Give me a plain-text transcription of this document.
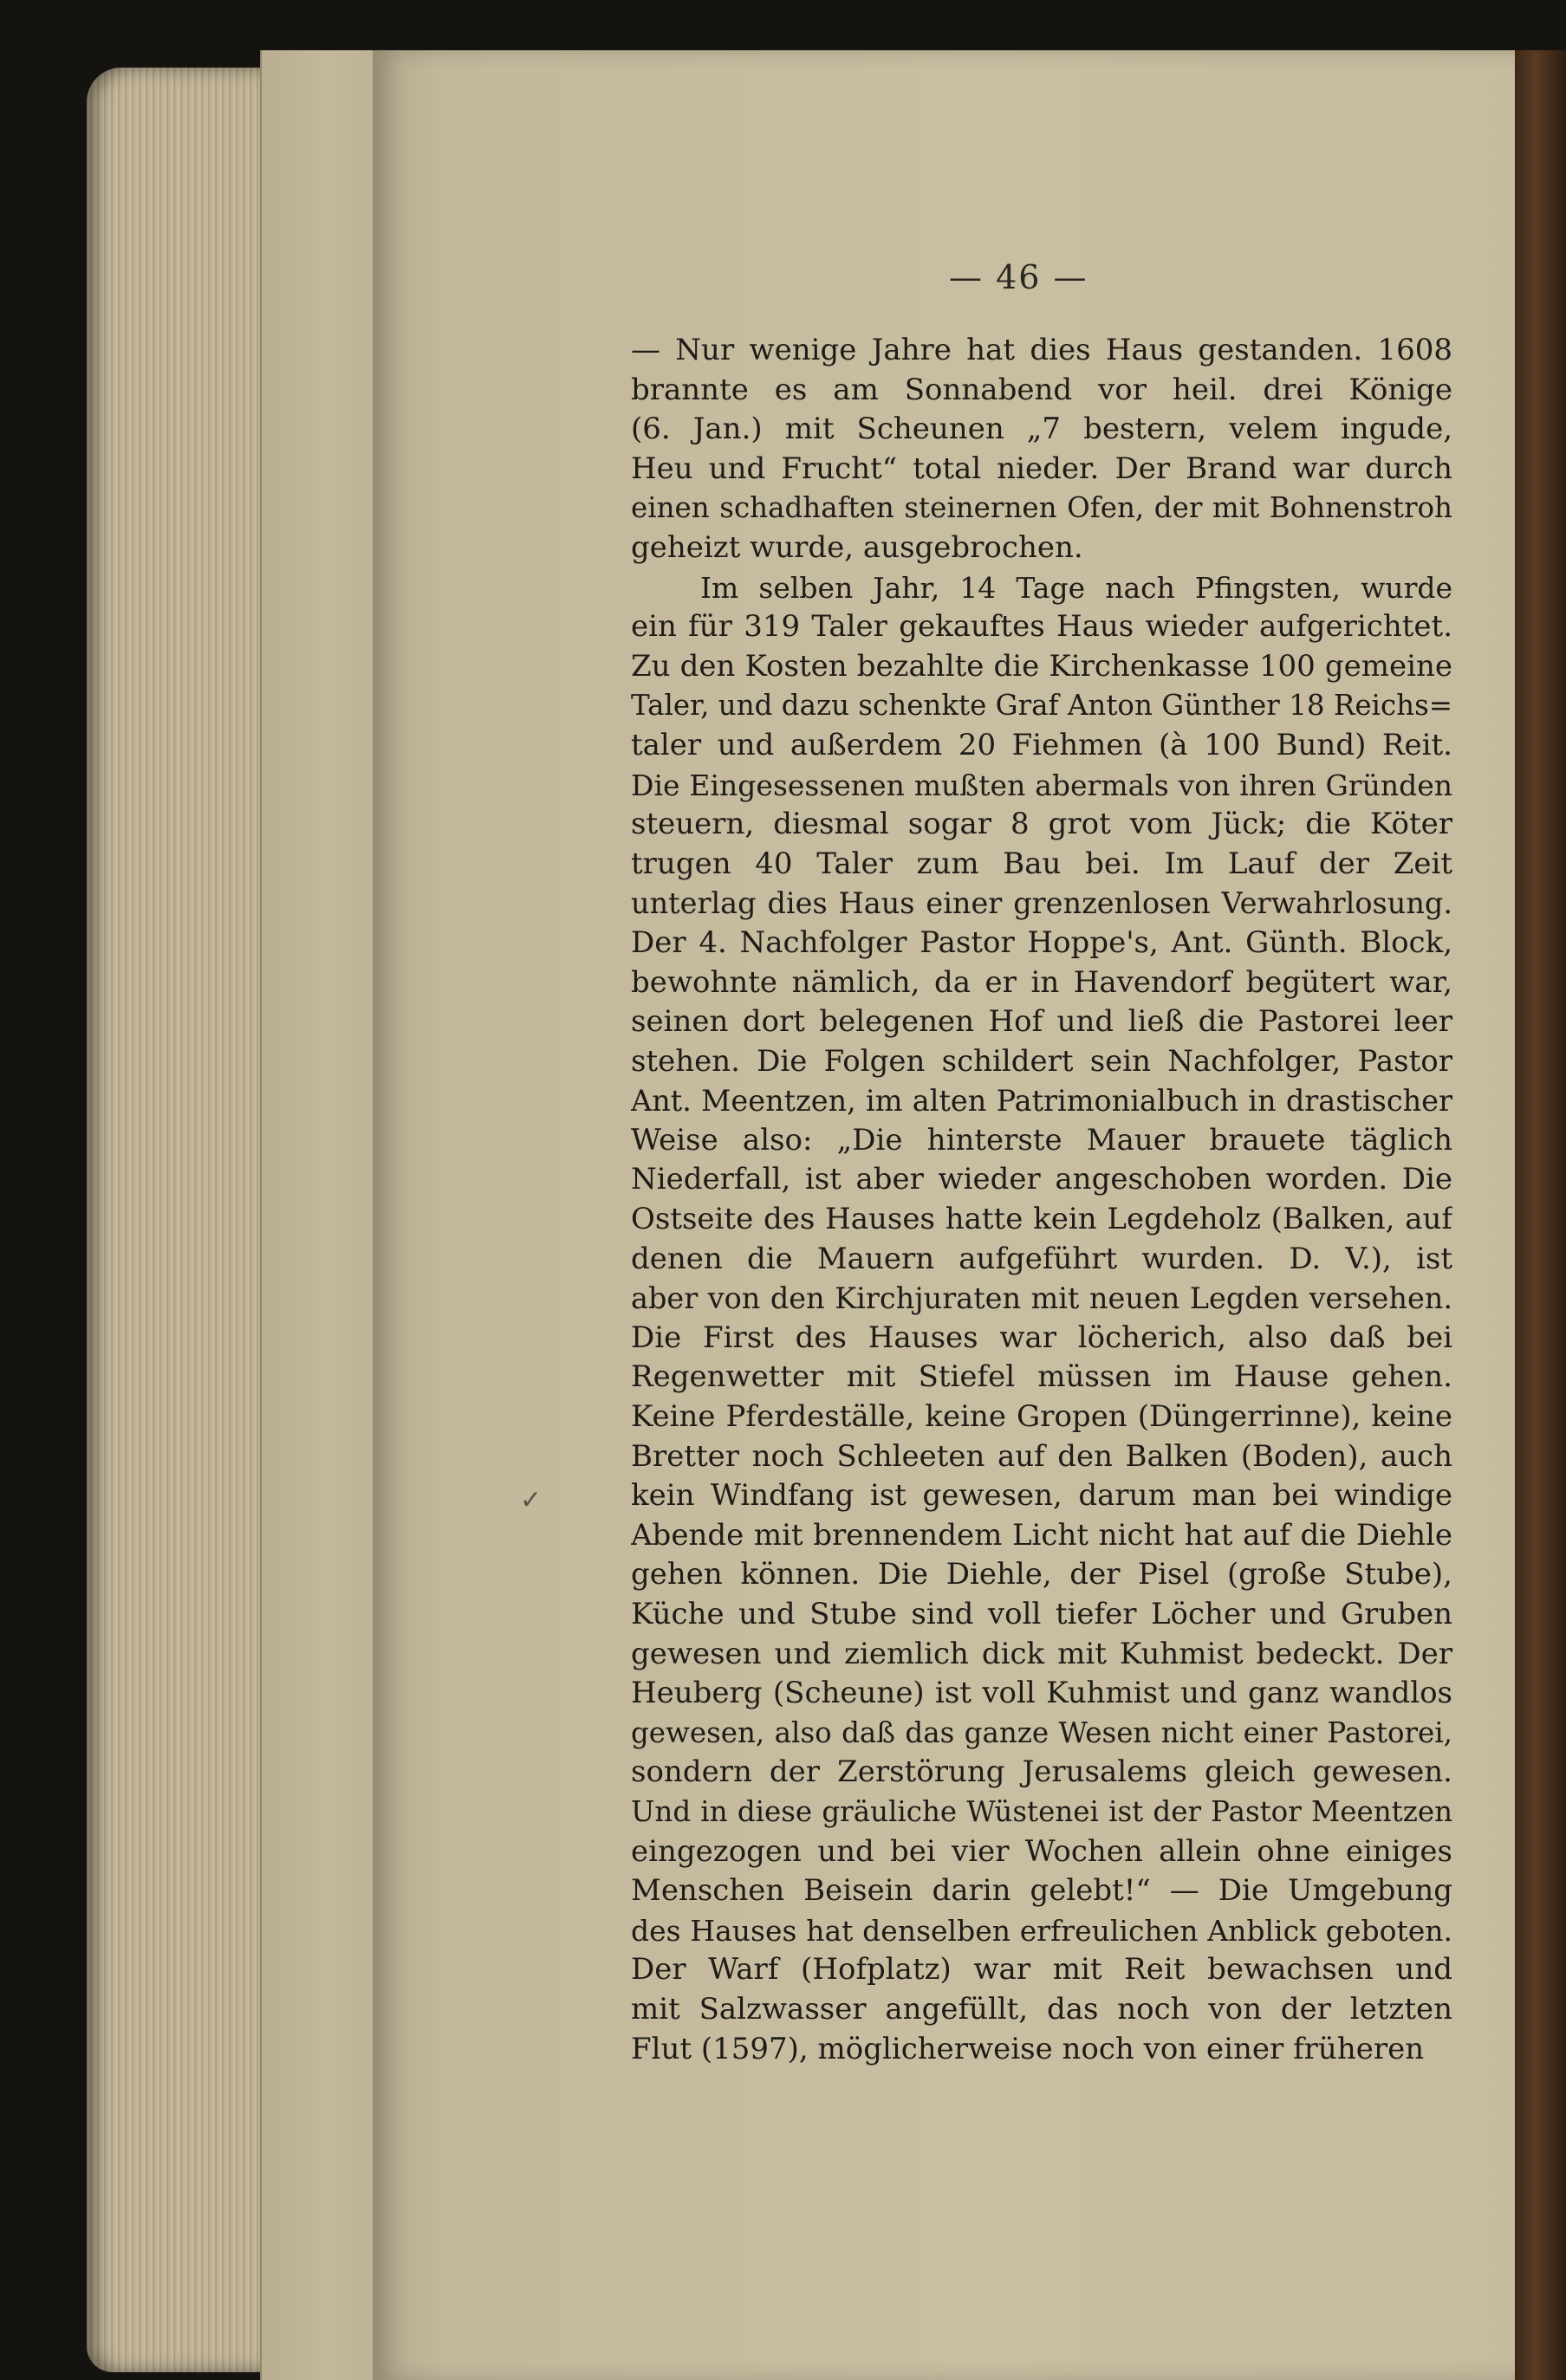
— 46 —
✓
— Nur wenige Jahre hat dies Haus gestanden. 1608
brannte es am Sonnabend vor heil. drei Könige
(6. Jan.) mit Scheunen „7 bestern, velem ingude,
Heu und Frucht“ total nieder. Der Brand war durch
einen schadhaften steinernen Ofen, der mit Bohnenstroh
geheizt wurde, ausgebrochen.
Im selben Jahr, 14 Tage nach Pfingsten, wurde
ein für 319 Taler gekauftes Haus wieder aufgerichtet.
Zu den Kosten bezahlte die Kirchenkasse 100 gemeine
Taler, und dazu schenkte Graf Anton Günther 18 Reichs=
taler und außerdem 20 Fiehmen (à 100 Bund) Reit.
Die Eingesessenen mußten abermals von ihren Gründen
steuern, diesmal sogar 8 grot vom Jück; die Köter
trugen 40 Taler zum Bau bei. Im Lauf der Zeit
unterlag dies Haus einer grenzenlosen Verwahrlosung.
Der 4. Nachfolger Pastor Hoppe's, Ant. Günth. Block,
bewohnte nämlich, da er in Havendorf begütert war,
seinen dort belegenen Hof und ließ die Pastorei leer
stehen. Die Folgen schildert sein Nachfolger, Pastor
Ant. Meentzen, im alten Patrimonialbuch in drastischer
Weise also: „Die hinterste Mauer brauete täglich
Niederfall, ist aber wieder angeschoben worden. Die
Ostseite des Hauses hatte kein Legdeholz (Balken, auf
denen die Mauern aufgeführt wurden. D. V.), ist
aber von den Kirchjuraten mit neuen Legden versehen.
Die First des Hauses war löcherich, also daß bei
Regenwetter mit Stiefel müssen im Hause gehen.
Keine Pferdeställe, keine Gropen (Düngerrinne), keine
Bretter noch Schleeten auf den Balken (Boden), auch
kein Windfang ist gewesen, darum man bei windige
Abende mit brennendem Licht nicht hat auf die Diehle
gehen können. Die Diehle, der Pisel (große Stube),
Küche und Stube sind voll tiefer Löcher und Gruben
gewesen und ziemlich dick mit Kuhmist bedeckt. Der
Heuberg (Scheune) ist voll Kuhmist und ganz wandlos
gewesen, also daß das ganze Wesen nicht einer Pastorei,
sondern der Zerstörung Jerusalems gleich gewesen.
Und in diese gräuliche Wüstenei ist der Pastor Meentzen
eingezogen und bei vier Wochen allein ohne einiges
Menschen Beisein darin gelebt!“ — Die Umgebung
des Hauses hat denselben erfreulichen Anblick geboten.
Der Warf (Hofplatz) war mit Reit bewachsen und
mit Salzwasser angefüllt, das noch von der letzten
Flut (1597), möglicherweise noch von einer früheren
